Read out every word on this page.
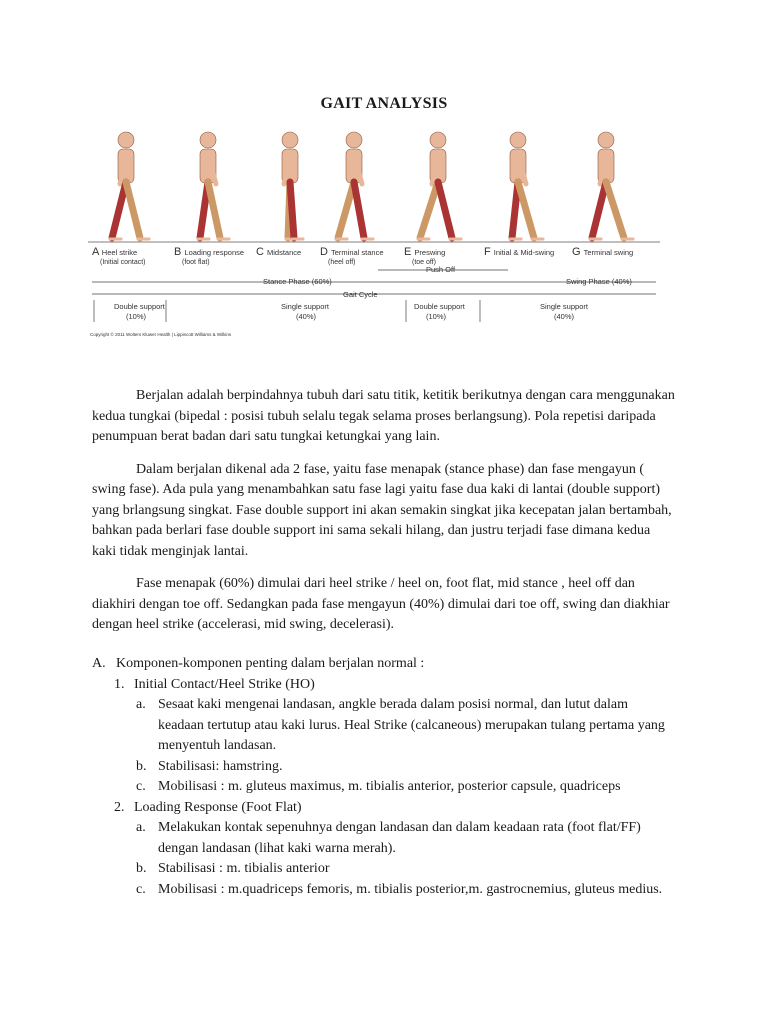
GAIT ANALYSIS
A Heel strike
(Initial contact)
B Loading response
(foot flat)
C Midstance D Terminal stance
(heel off)
E Preswing
(toe off)
F Initial & Mid-swing G Terminal swing
Push Off
Stance Phase (60%)	Swing Phase (40%)
Gait Cycle
Double support
(10%)
Single support
(40%)
Double support
(10%)
Single support
(40%)
Copyright © 2011 Wolters Kluwer Health | Lippincott Williams & Wilkins

Berjalan adalah berpindahnya tubuh dari satu titik, ketitik berikutnya dengan cara menggunakan kedua tungkai (bipedal : posisi tubuh selalu tegak selama proses berlangsung). Pola repetisi daripada penumpuan berat badan dari satu tungkai ketungkai yang lain.

Dalam berjalan dikenal ada 2 fase, yaitu fase menapak (stance phase) dan fase mengayun ( swing fase). Ada pula yang menambahkan satu fase lagi yaitu fase dua kaki di lantai (double support) yang brlangsung singkat. Fase double support ini akan semakin singkat jika kecepatan jalan bertambah, bahkan pada berlari fase double support ini sama sekali hilang, dan justru terjadi fase dimana kedua kaki tidak menginjak lantai.

Fase menapak (60%) dimulai dari heel strike / heel on, foot flat, mid stance , heel off dan diakhiri dengan toe off. Sedangkan pada fase mengayun (40%) dimulai dari toe off, swing dan diakhiar dengan heel strike (accelerasi, mid swing, decelerasi).

A. Komponen-komponen penting dalam berjalan normal :
1. Initial Contact/Heel Strike (HO)
a. Sesaat kaki mengenai landasan, angkle berada dalam posisi normal, dan lutut dalam keadaan tertutup atau kaki lurus. Heal Strike (calcaneous) merupakan tulang pertama yang menyentuh landasan.
b. Stabilisasi: hamstring.
c. Mobilisasi : m. gluteus maximus, m. tibialis anterior, posterior capsule, quadriceps
2. Loading Response (Foot Flat)
a. Melakukan kontak sepenuhnya dengan landasan dan dalam keadaan rata (foot flat/FF) dengan landasan (lihat kaki warna merah).
b. Stabilisasi : m. tibialis anterior
c. Mobilisasi : m.quadriceps femoris, m. tibialis posterior,m. gastrocnemius, gluteus medius.
